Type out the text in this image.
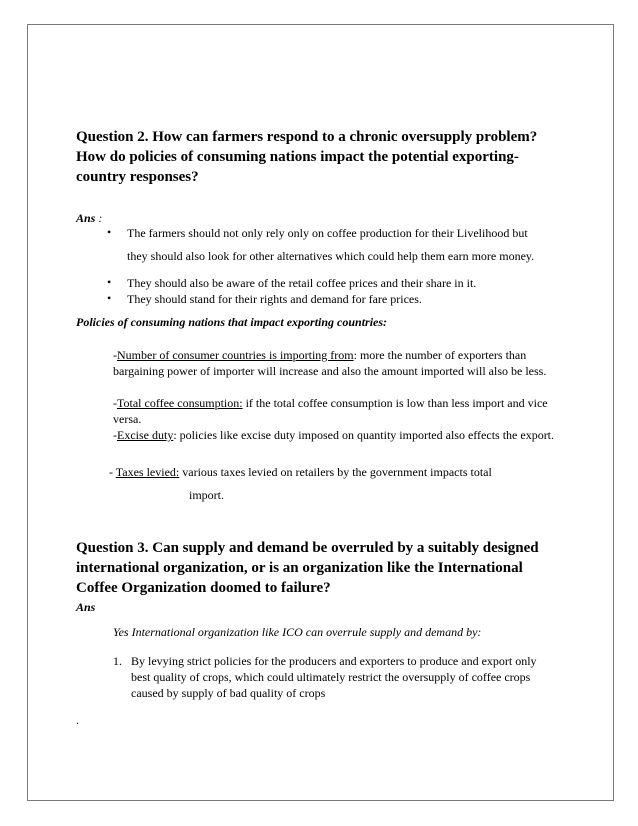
Question 2. How can farmers respond to a chronic oversupply problem? How do policies of consuming nations impact the potential exporting-country responses?
Ans :
• The farmers should not only rely only on coffee production for their Livelihood but
they should also look for other alternatives which could help them earn more money.
• They should also be aware of the retail coffee prices and their share in it.
• They should stand for their rights and demand for fare prices.
Policies of consuming nations that impact exporting countries:
-Number of consumer countries is importing from: more the number of exporters than bargaining power of importer will increase and also the amount imported will also be less.
-Total coffee consumption: if the total coffee consumption is low than less import and vice versa.
-Excise duty: policies like excise duty imposed on quantity imported also effects the export.
- Taxes levied: various taxes levied on retailers by the government impacts total
import.
Question 3. Can supply and demand be overruled by a suitably designed international organization, or is an organization like the International Coffee Organization doomed to failure?
Ans
Yes International organization like ICO can overrule supply and demand by:
1. By levying strict policies for the producers and exporters to produce and export only best quality of crops, which could ultimately restrict the oversupply of coffee crops caused by supply of bad quality of crops
.
